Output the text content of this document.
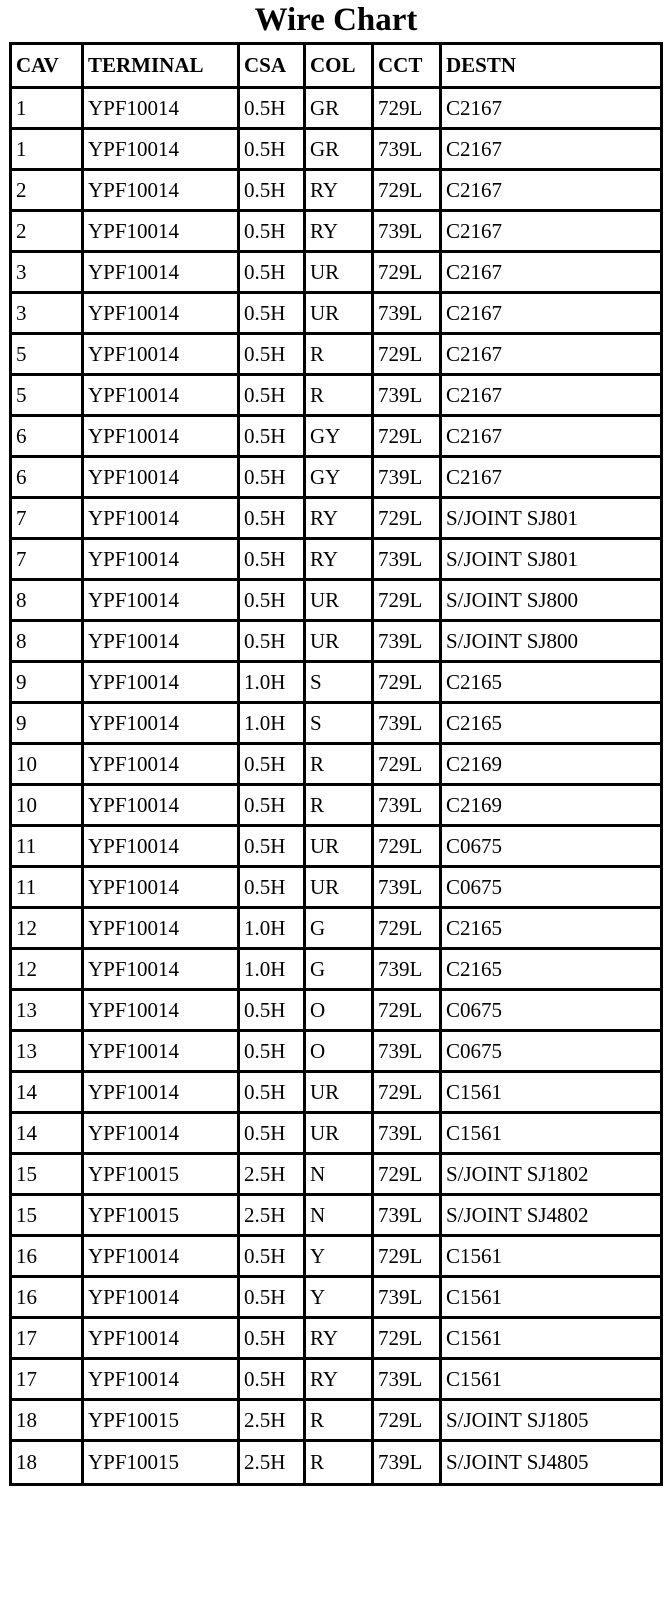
Wire Chart
CAV	TERMINAL	CSA	COL	CCT	DESTN
1	YPF10014	0.5H	GR	729L	C2167
1	YPF10014	0.5H	GR	739L	C2167
2	YPF10014	0.5H	RY	729L	C2167
2	YPF10014	0.5H	RY	739L	C2167
3	YPF10014	0.5H	UR	729L	C2167
3	YPF10014	0.5H	UR	739L	C2167
5	YPF10014	0.5H	R	729L	C2167
5	YPF10014	0.5H	R	739L	C2167
6	YPF10014	0.5H	GY	729L	C2167
6	YPF10014	0.5H	GY	739L	C2167
7	YPF10014	0.5H	RY	729L	S/JOINT SJ801
7	YPF10014	0.5H	RY	739L	S/JOINT SJ801
8	YPF10014	0.5H	UR	729L	S/JOINT SJ800
8	YPF10014	0.5H	UR	739L	S/JOINT SJ800
9	YPF10014	1.0H	S	729L	C2165
9	YPF10014	1.0H	S	739L	C2165
10	YPF10014	0.5H	R	729L	C2169
10	YPF10014	0.5H	R	739L	C2169
11	YPF10014	0.5H	UR	729L	C0675
11	YPF10014	0.5H	UR	739L	C0675
12	YPF10014	1.0H	G	729L	C2165
12	YPF10014	1.0H	G	739L	C2165
13	YPF10014	0.5H	O	729L	C0675
13	YPF10014	0.5H	O	739L	C0675
14	YPF10014	0.5H	UR	729L	C1561
14	YPF10014	0.5H	UR	739L	C1561
15	YPF10015	2.5H	N	729L	S/JOINT SJ1802
15	YPF10015	2.5H	N	739L	S/JOINT SJ4802
16	YPF10014	0.5H	Y	729L	C1561
16	YPF10014	0.5H	Y	739L	C1561
17	YPF10014	0.5H	RY	729L	C1561
17	YPF10014	0.5H	RY	739L	C1561
18	YPF10015	2.5H	R	729L	S/JOINT SJ1805
18	YPF10015	2.5H	R	739L	S/JOINT SJ4805
